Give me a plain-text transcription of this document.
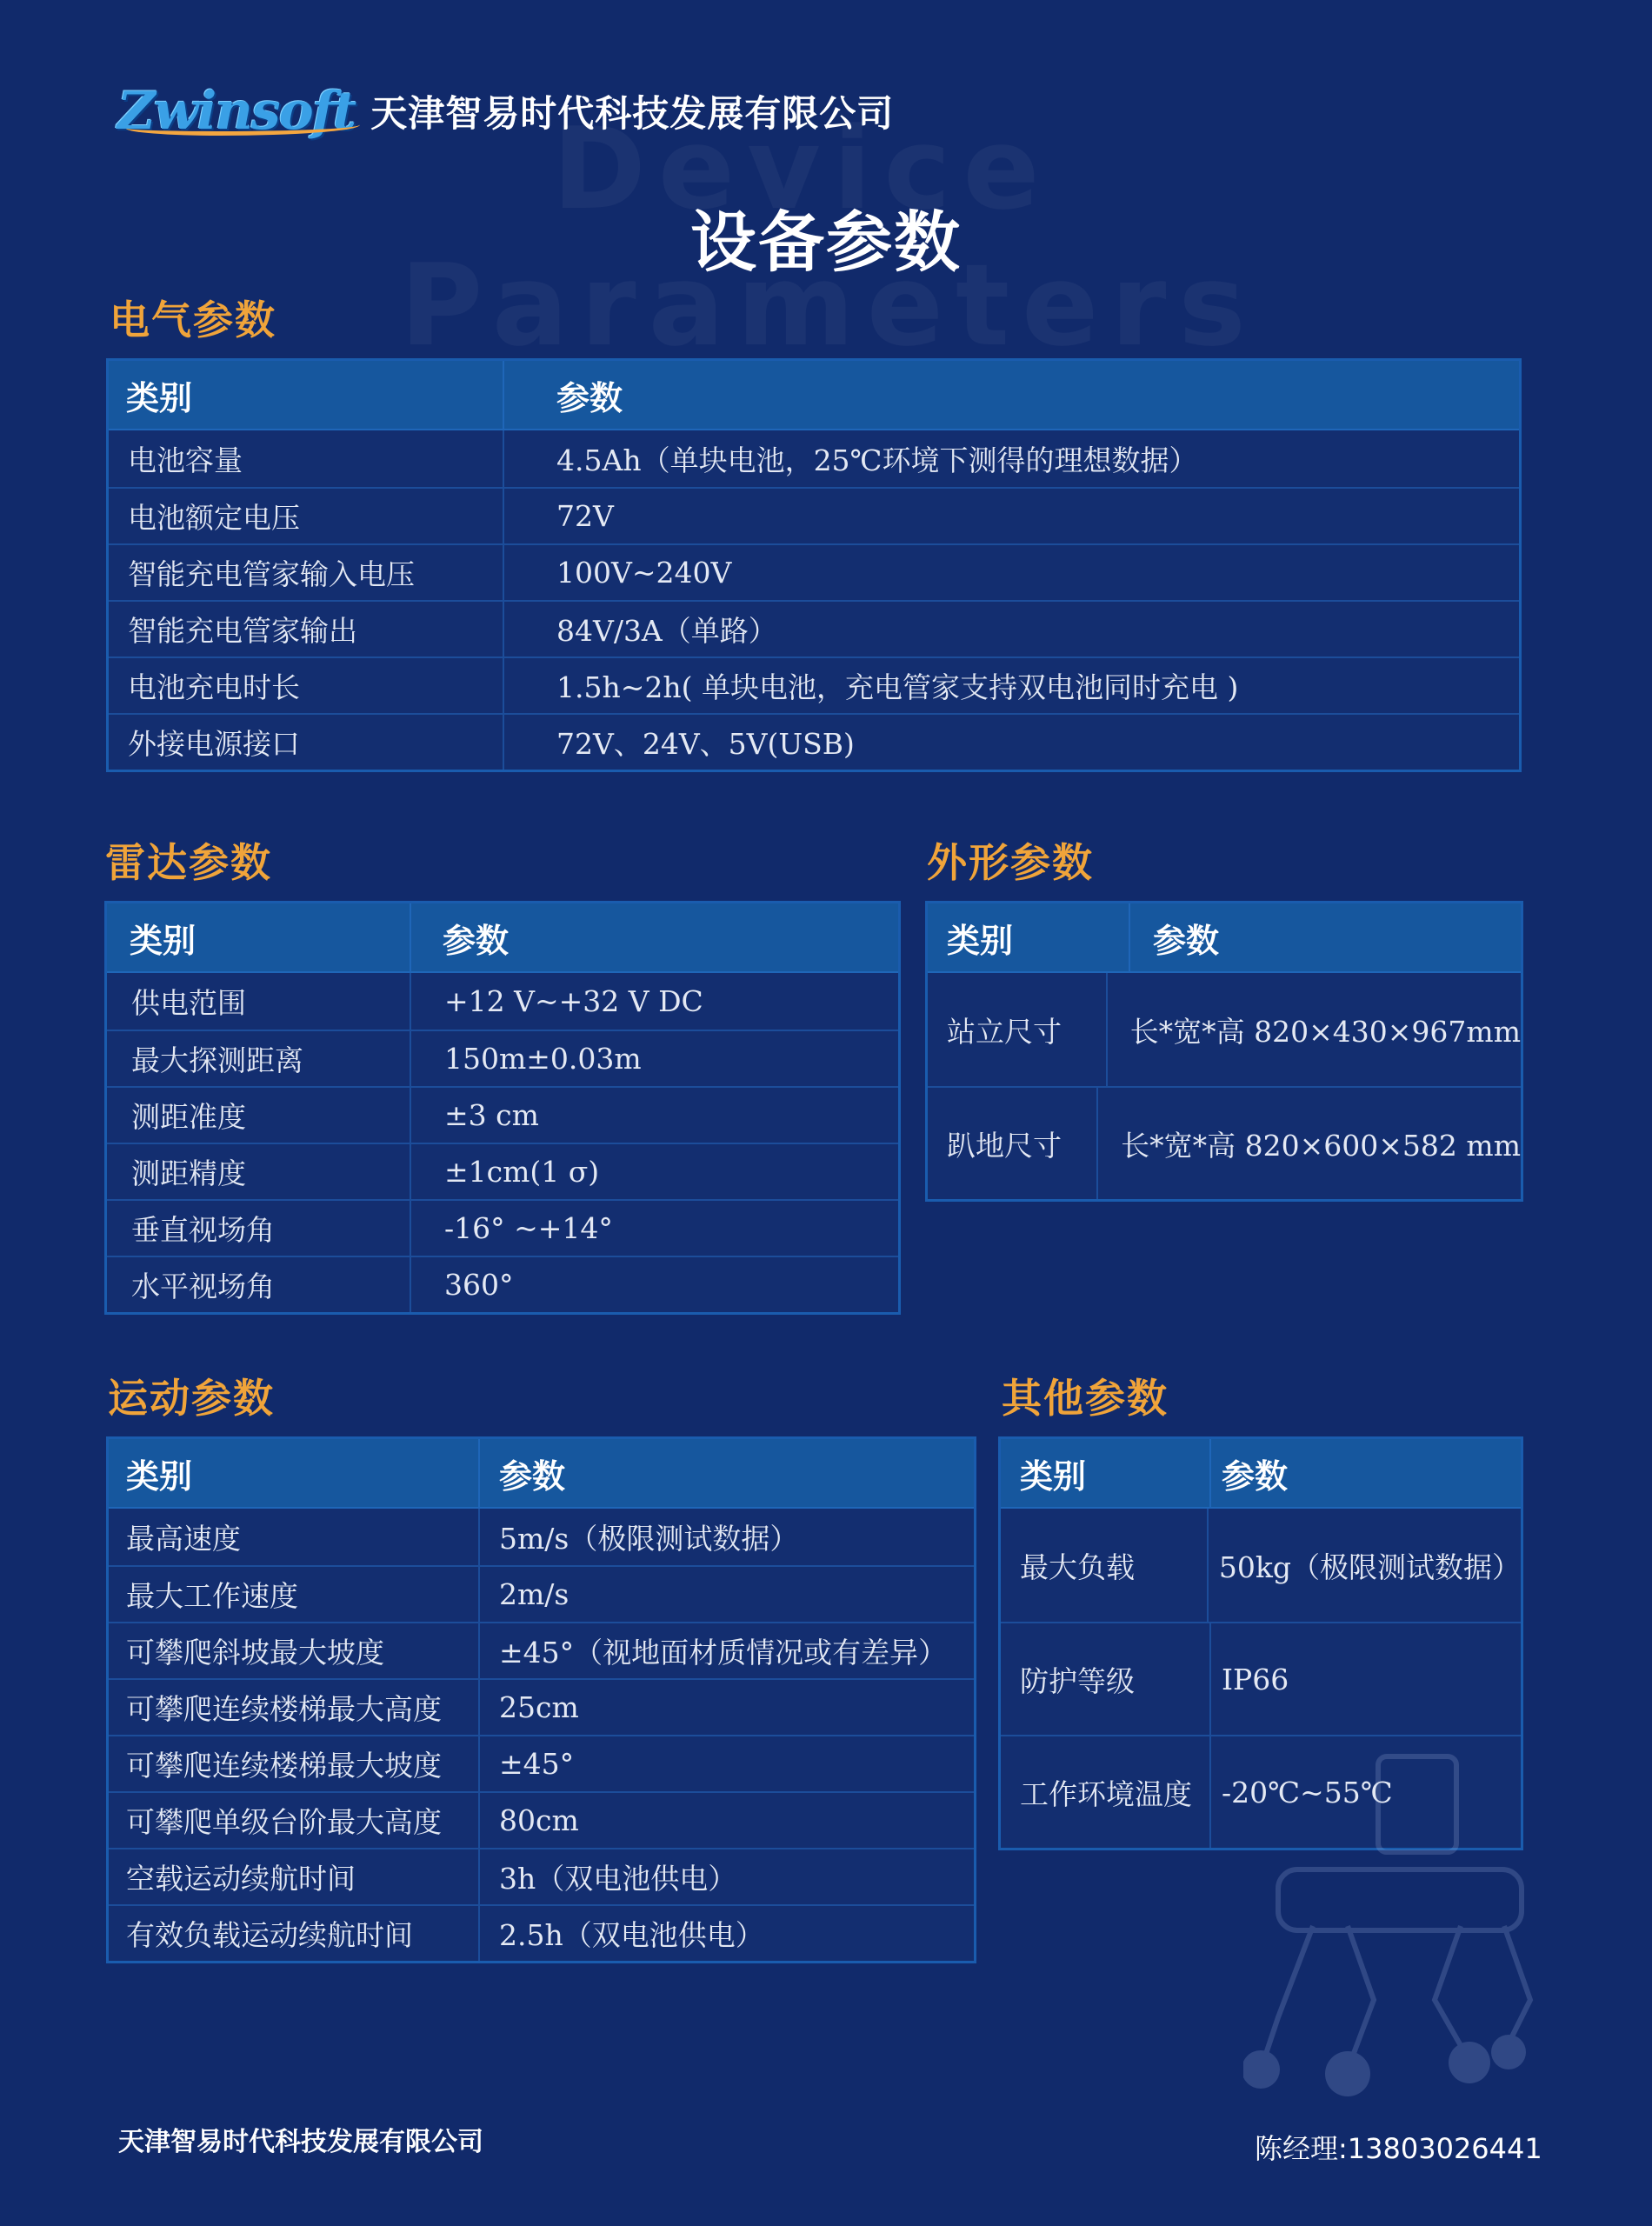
Zwinsoft 天津智易时代科技发展有限公司
设备参数
电气参数
类别	参数
电池容量	4.5Ah（单块电池，25℃环境下测得的理想数据）
电池额定电压	72V
智能充电管家输入电压	100V~240V
智能充电管家输出	84V/3A（单路）
电池充电时长	1.5h~2h( 单块电池，充电管家支持双电池同时充电 )
外接电源接口	72V、24V、5V(USB)
雷达参数
类别	参数
供电范围	+12 V~+32 V DC
最大探测距离	150m±0.03m
测距准度	±3 cm
测距精度	±1cm(1 σ)
垂直视场角	-16° ~+14°
水平视场角	360°
外形参数
类别	参数
站立尺寸	长*宽*高 820×430×967mm
趴地尺寸	长*宽*高 820×600×582 mm
运动参数
类别	参数
最高速度	5m/s（极限测试数据）
最大工作速度	2m/s
可攀爬斜坡最大坡度	±45°（视地面材质情况或有差异）
可攀爬连续楼梯最大高度	25cm
可攀爬连续楼梯最大坡度	±45°
可攀爬单级台阶最大高度	80cm
空载运动续航时间	3h（双电池供电）
有效负载运动续航时间	2.5h（双电池供电）
其他参数
类别	参数
最大负载	50kg（极限测试数据）
防护等级	IP66
工作环境温度	-20℃~55℃
天津智易时代科技发展有限公司	陈经理:13803026441
